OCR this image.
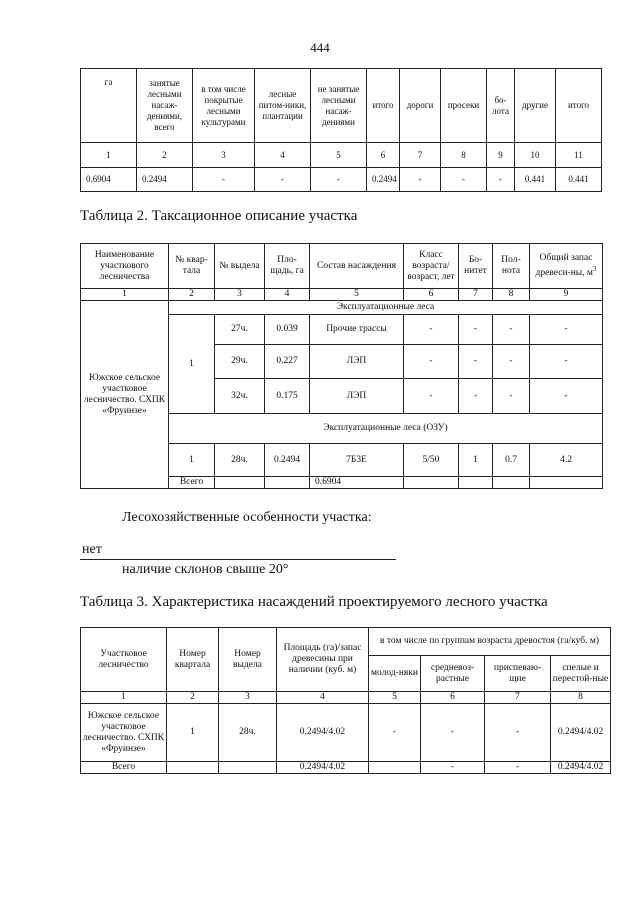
444
га	занятые лесными насаж-дениями, всего	в том числе покрытые лесными культурами	лесные питом-ники, плантации	не занятые лесными насаж-дениями	итого	дороги	просеки	бо-лота	другие	итого
1	2	3	4	5	6	7	8	9	10	11
0.6904	0.2494	-	-	-	0.2494	-	-	-	0.441	0.441
Таблица 2. Таксационное описание участка
Наименование участкового лесничества	№ квар-тала	№ выдела	Пло-щадь, га	Состав насаждения	Класс возраста/ возраст, лет	Бо-нитет	Пол-нота	Общий запас древеси-ны, $м^3$
1	2	3	4	5	6	7	8	9	
Южское сельское участковое лесничество. СХПК «Фруинзе»	Эксплуатационные леса								
	1	27ч.	0.039	Прочие трассы	-	-	-	-	
		29ч.	0.227	ЛЭП	-	-	-	-	
		32ч.	0.175	ЛЭП	-	-	-	-	
	Эксплуатационные леса (ОЗУ)								
	1	28ч.	0.2494	7Б3Е	5/50	1	0.7	4.2	
	Всего			0.6904					
Лесохозяйственные особенности участка:
нет
наличие склонов свыше 20°
Таблица 3. Характеристика насаждений проектируемого лесного участка
Участковое лесничество	Номер квартала	Номер выдела	Площадь (га)/запас древесины при наличии (куб. м)	в том числе по группам возраста древостоя (га/куб. м)			
				молод-няки	средневоз-растные	приспеваю-щие	спелые и перестой-ные
1	2	3	4	5	6	7	8
Южское сельское участковое лесничество. СХПК «Фруинзе»	1	28ч.	0.2494/4.02	-	-	-	0.2494/4.02
Всего			0.2494/4.02		-	-	0.2494/4.02
